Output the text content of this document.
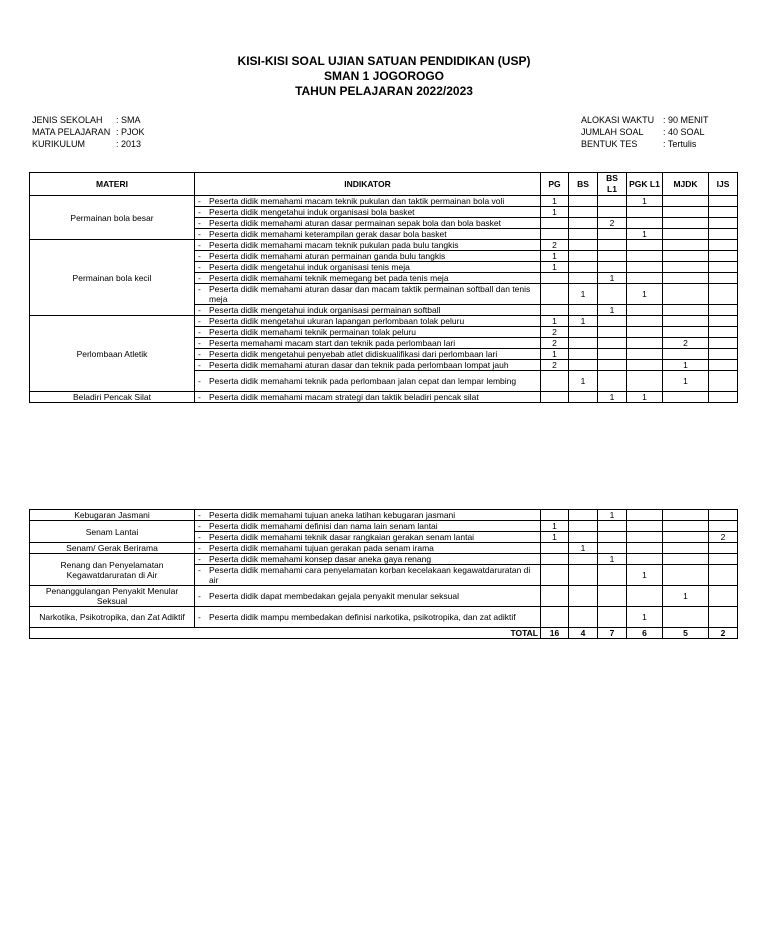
KISI-KISI SOAL UJIAN SATUAN PENDIDIKAN (USP)
SMAN 1 JOGOROGO
TAHUN PELAJARAN 2022/2023
JENIS SEKOLAH : SMA
MATA PELAJARAN : PJOK
KURIKULUM	: 2013
ALOKASI WAKTU : 90 MENIT
JUMLAH SOAL : 40 SOAL
BENTUK TES	: Tertulis
MATERI	INDIKATOR	PG	BS	BS L1	PGK L1	MJDK	IJS
Permainan bola besar	- Peserta didik memahami macam teknik pukulan dan taktik permainan bola voli	1			1		
	- Peserta didik mengetahui induk organisasi bola basket	1					
	- Peserta didik memahami aturan dasar permainan sepak bola dan bola basket			2			
	- Peserta didik memahami keterampilan gerak dasar bola basket				1		
Permainan bola kecil	- Peserta didik memahami macam teknik pukulan pada bulu tangkis	2					
	- Peserta didik memahami aturan permainan ganda bulu tangkis	1					
	- Peserta didik mengetahui induk organisasi tenis meja	1					
	- Peserta didik memahami teknik memegang bet pada tenis meja			1			
	- Peserta didik memahami aturan dasar dan macam taktik permainan softball dan tenis meja		1		1		
	- Peserta didik mengetahui induk organisasi permainan softball			1			
Perlombaan Atletik	- Peserta didik mengetahui ukuran lapangan perlombaan tolak peluru	1	1				
	- Peserta didik memahami teknik permainan tolak peluru	2					
	- Peserta memahami macam start dan teknik pada perlombaan lari	2				2	
	- Peserta didik mengetahui penyebab atlet didiskualifikasi dari perlombaan lari	1					
	- Peserta didik memahami aturan dasar dan teknik pada perlombaan lompat jauh	2				1	
	- Peserta didik memahami teknik pada perlombaan jalan cepat dan lempar lembing		1			1	
Beladiri Pencak Silat	- Peserta didik memahami macam strategi dan taktik beladiri pencak silat			1	1		
Kebugaran Jasmani	- Peserta didik memahami tujuan aneka latihan kebugaran jasmani			1			
Senam Lantai	- Peserta didik memahami definisi dan nama lain senam lantai	1					
	- Peserta didik memahami teknik dasar rangkaian gerakan senam lantai	1					2
Senam/ Gerak Berirama	- Peserta didik memahami tujuan gerakan pada senam irama		1				
Renang dan Penyelamatan Kegawatdaruratan di Air	- Peserta didik memahami konsep dasar aneka gaya renang			1			
	- Peserta didik memahami cara penyelamatan korban kecelakaan kegawatdaruratan di air				1		
Penanggulangan Penyakit Menular Seksual	- Peserta didik dapat membedakan gejala penyakit menular seksual					1	
Narkotika, Psikotropika, dan Zat Adiktif	- Peserta didik mampu membedakan definisi narkotika, psikotropika, dan zat adiktif				1		
TOTAL		16	4	7	6	5	2
